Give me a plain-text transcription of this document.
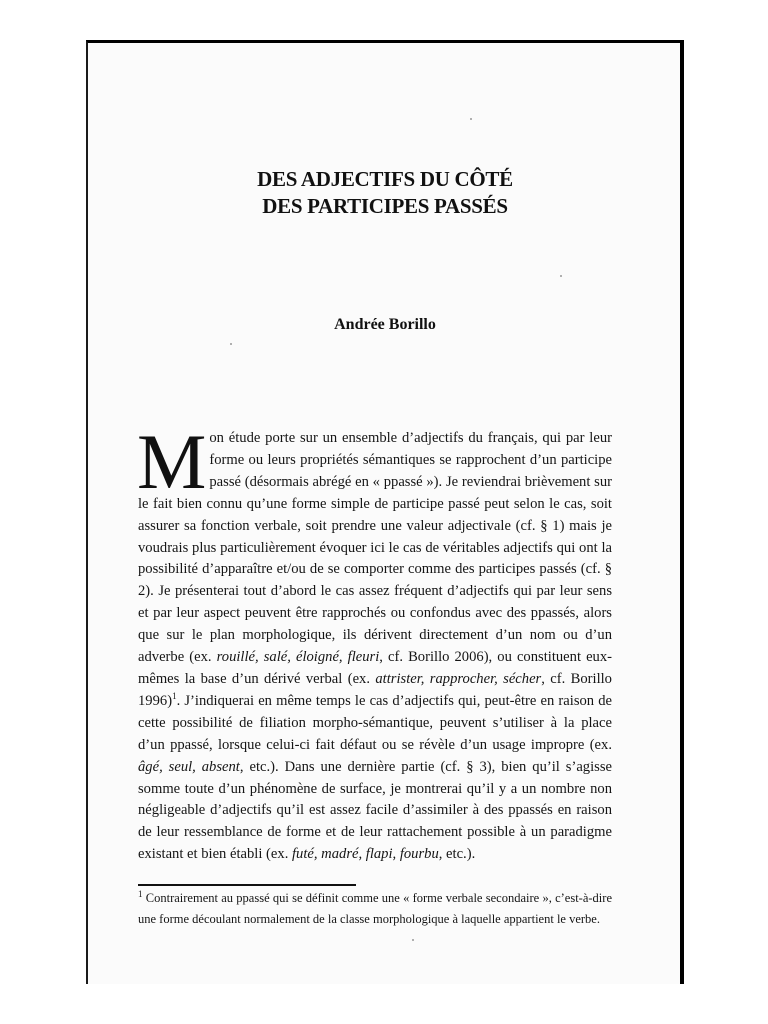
DES ADJECTIFS DU CÔTÉ
DES PARTICIPES PASSÉS
Andrée Borillo

Mon étude porte sur un ensemble d’adjectifs du français, qui par leur forme ou leurs propriétés sémantiques se rapprochent d’un participe passé (désormais abrégé en « ppassé »). Je reviendrai brièvement sur le fait bien connu qu’une forme simple de participe passé peut selon le cas, soit assurer sa fonction verbale, soit prendre une valeur adjectivale (cf. § 1) mais je voudrais plus particulièrement évoquer ici le cas de véritables adjectifs qui ont la possibilité d’apparaître et/ou de se comporter comme des participes passés (cf. § 2). Je présenterai tout d’abord le cas assez fréquent d’adjectifs qui par leur sens et par leur aspect peuvent être rapprochés ou confondus avec des ppassés, alors que sur le plan morphologique, ils dérivent directement d’un nom ou d’un adverbe (ex. rouillé, salé, éloigné, fleuri, cf. Borillo 2006), ou constituent eux-mêmes la base d’un dérivé verbal (ex. attrister, rapprocher, sécher, cf. Borillo 1996)$^1$. J’indiquerai en même temps le cas d’adjectifs qui, peut-être en raison de cette possibilité de filiation morpho-sémantique, peuvent s’utiliser à la place d’un ppassé, lorsque celui-ci fait défaut ou se révèle d’un usage impropre (ex. âgé, seul, absent, etc.). Dans une dernière partie (cf. § 3), bien qu’il s’agisse somme toute d’un phénomène de surface, je montrerai qu’il y a un nombre non négligeable d’adjectifs qu’il est assez facile d’assimiler à des ppassés en raison de leur ressemblance de forme et de leur rattachement possible à un paradigme existant et bien établi (ex. futé, madré, flapi, fourbu, etc.).

$^1$ Contrairement au ppassé qui se définit comme une « forme verbale secondaire », c’est-à-dire une forme découlant normalement de la classe morphologique à laquelle appartient le verbe.
